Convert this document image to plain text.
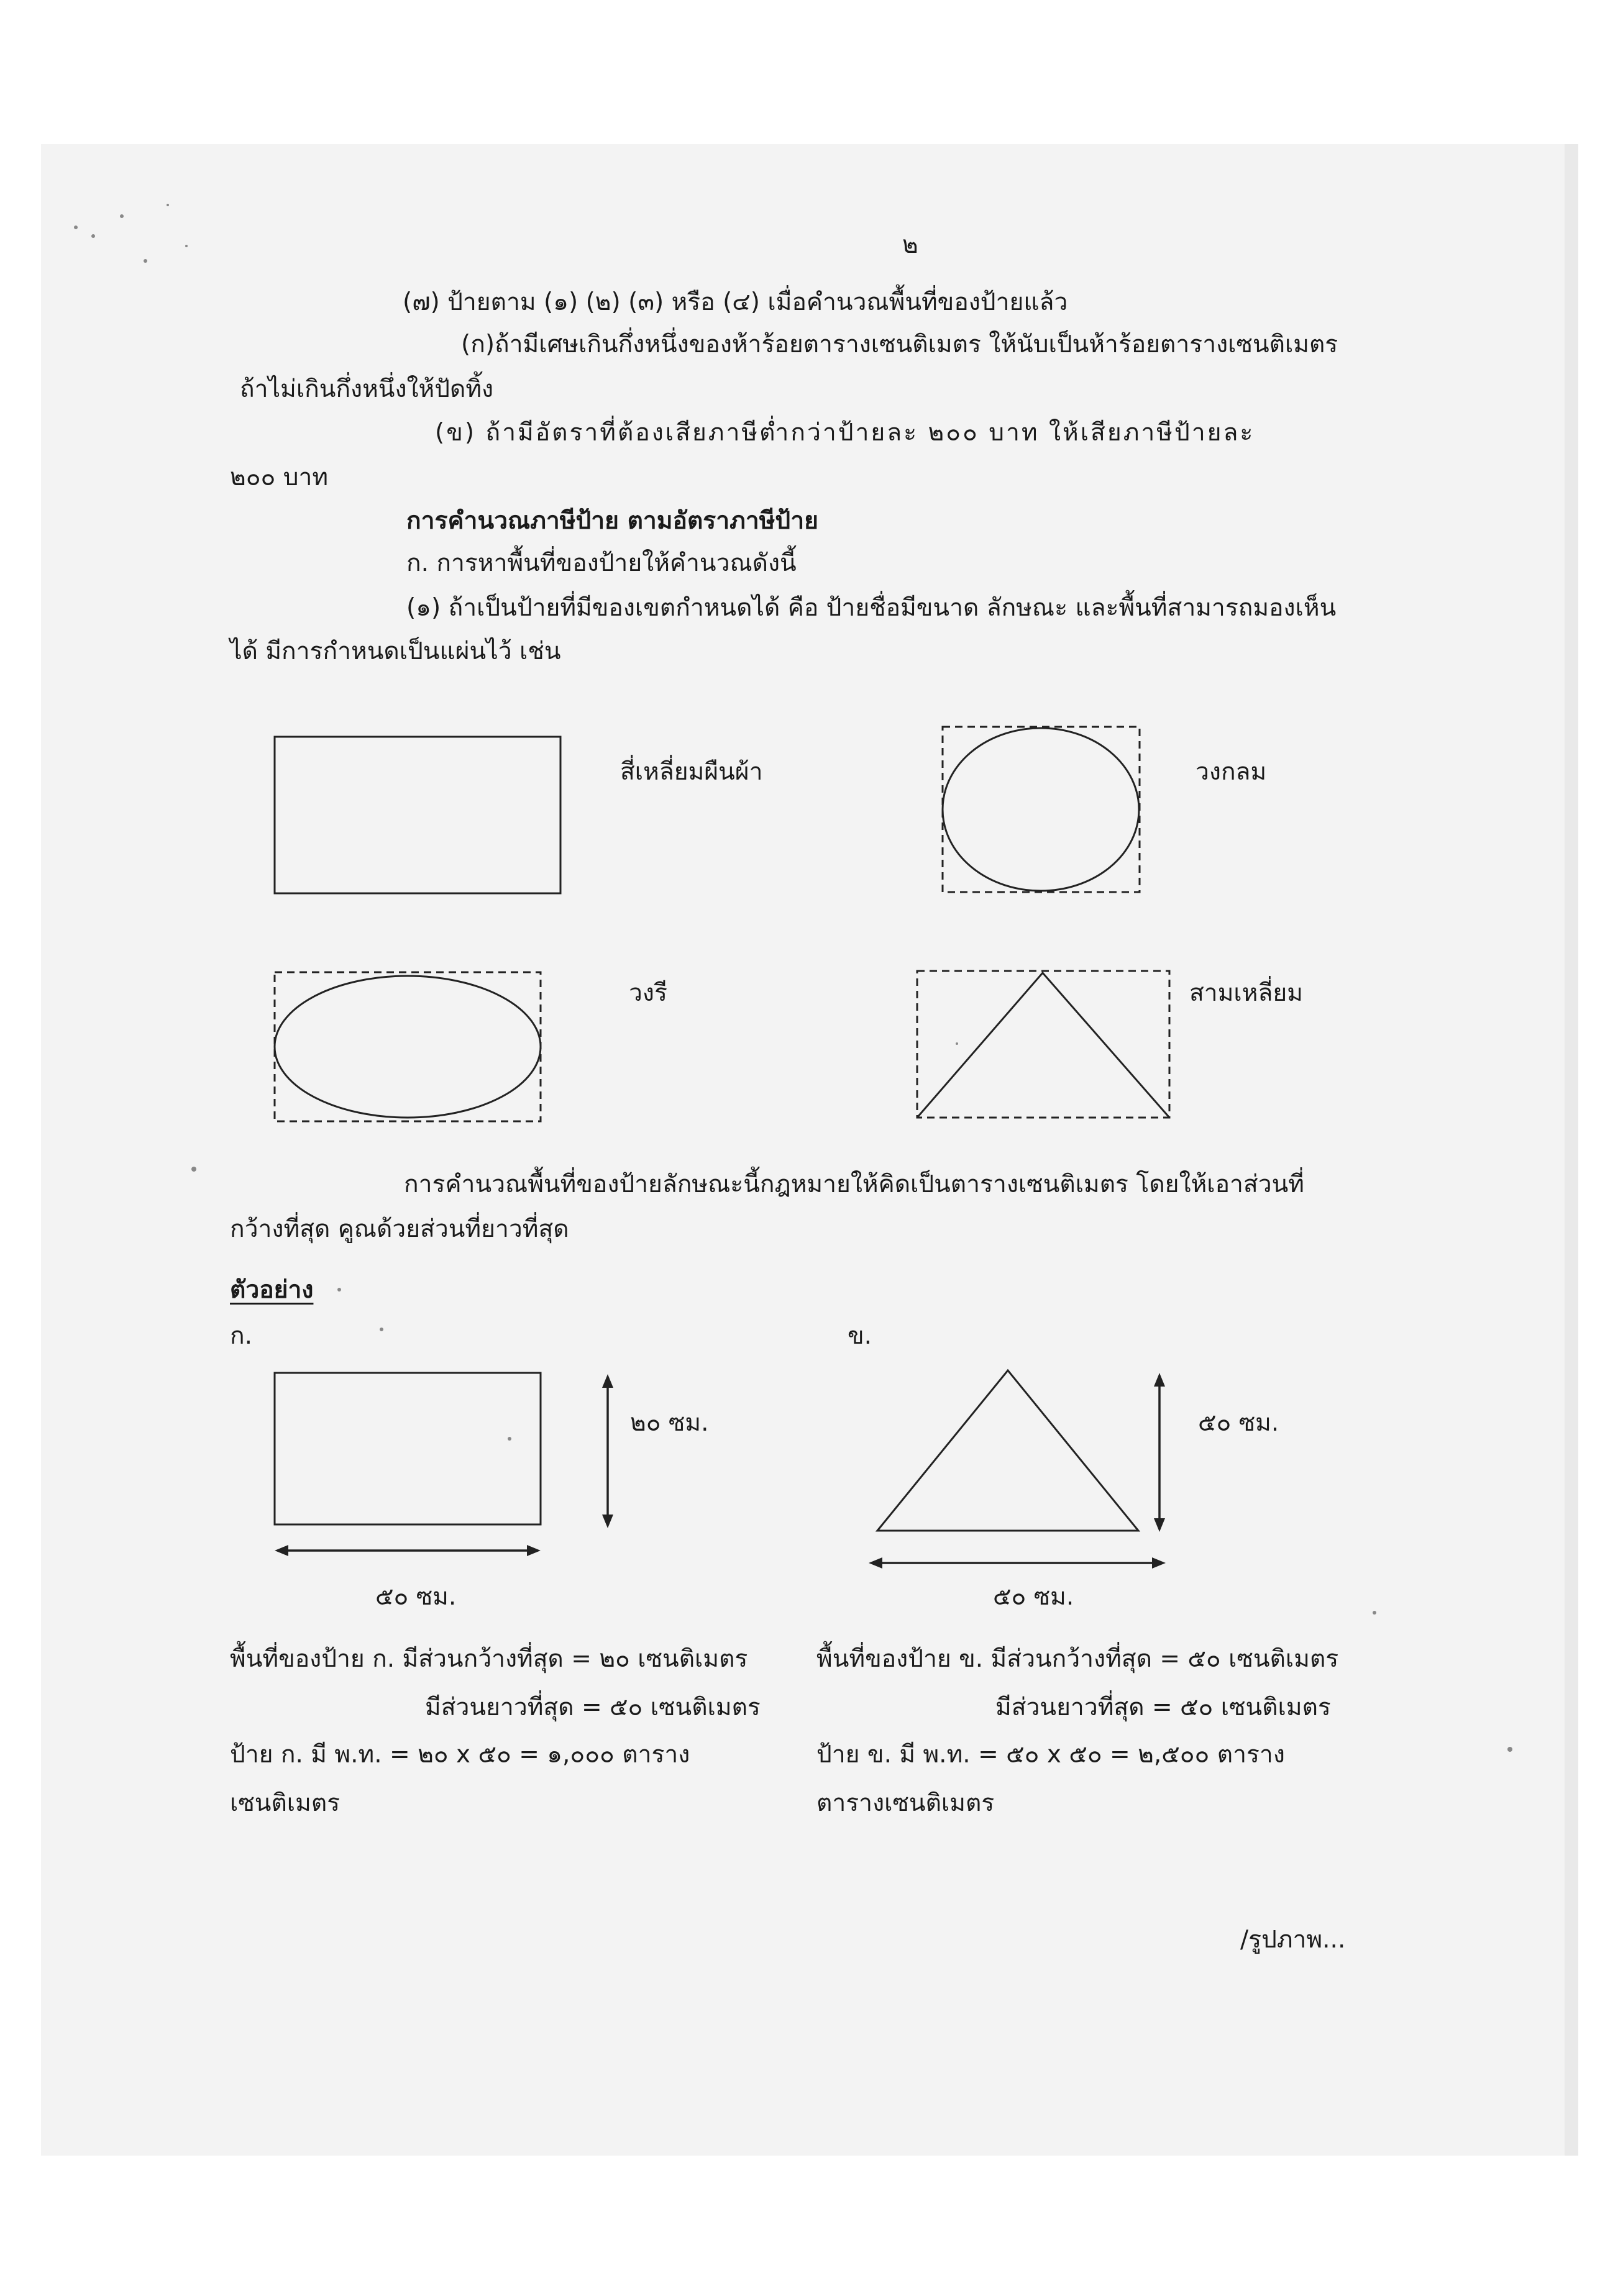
๒
(๗) ป้ายตาม (๑) (๒) (๓) หรือ (๔) เมื่อคำนวณพื้นที่ของป้ายแล้ว
(ก)ถ้ามีเศษเกินกึ่งหนึ่งของห้าร้อยตารางเซนติเมตร ให้นับเป็นห้าร้อยตารางเซนติเมตร
ถ้าไม่เกินกึ่งหนึ่งให้ปัดทิ้ง
(ข) ถ้ามีอัตราที่ต้องเสียภาษีต่ำกว่าป้ายละ ๒๐๐ บาท ให้เสียภาษีป้ายละ
๒๐๐ บาท
การคำนวณภาษีป้าย ตามอัตราภาษีป้าย
ก. การหาพื้นที่ของป้ายให้คำนวณดังนี้
(๑) ถ้าเป็นป้ายที่มีของเขตกำหนดได้ คือ ป้ายชื่อมีขนาด ลักษณะ และพื้นที่สามารถมองเห็น
ได้ มีการกำหนดเป็นแผ่นไว้ เช่น
สี่เหลี่ยมผืนผ้า	วงกลม
วงรี	สามเหลี่ยม
การคำนวณพื้นที่ของป้ายลักษณะนี้กฎหมายให้คิดเป็นตารางเซนติเมตร โดยให้เอาส่วนที่
กว้างที่สุด คูณด้วยส่วนที่ยาวที่สุด
ตัวอย่าง
ก.	ข.
๒๐ ซม.
๕๐ ซม.
๕๐ ซม.
๕๐ ซม.
พื้นที่ของป้าย ก. มีส่วนกว้างที่สุด = ๒๐ เซนติเมตร
มีส่วนยาวที่สุด = ๕๐ เซนติเมตร
ป้าย ก. มี พ.ท. = ๒๐ x ๕๐ = ๑,๐๐๐ ตาราง
เซนติเมตร
พื้นที่ของป้าย ข. มีส่วนกว้างที่สุด = ๕๐ เซนติเมตร
มีส่วนยาวที่สุด = ๕๐ เซนติเมตร
ป้าย ข. มี พ.ท. = ๕๐ x ๕๐ = ๒,๕๐๐ ตาราง
ตารางเซนติเมตร
/รูปภาพ...
